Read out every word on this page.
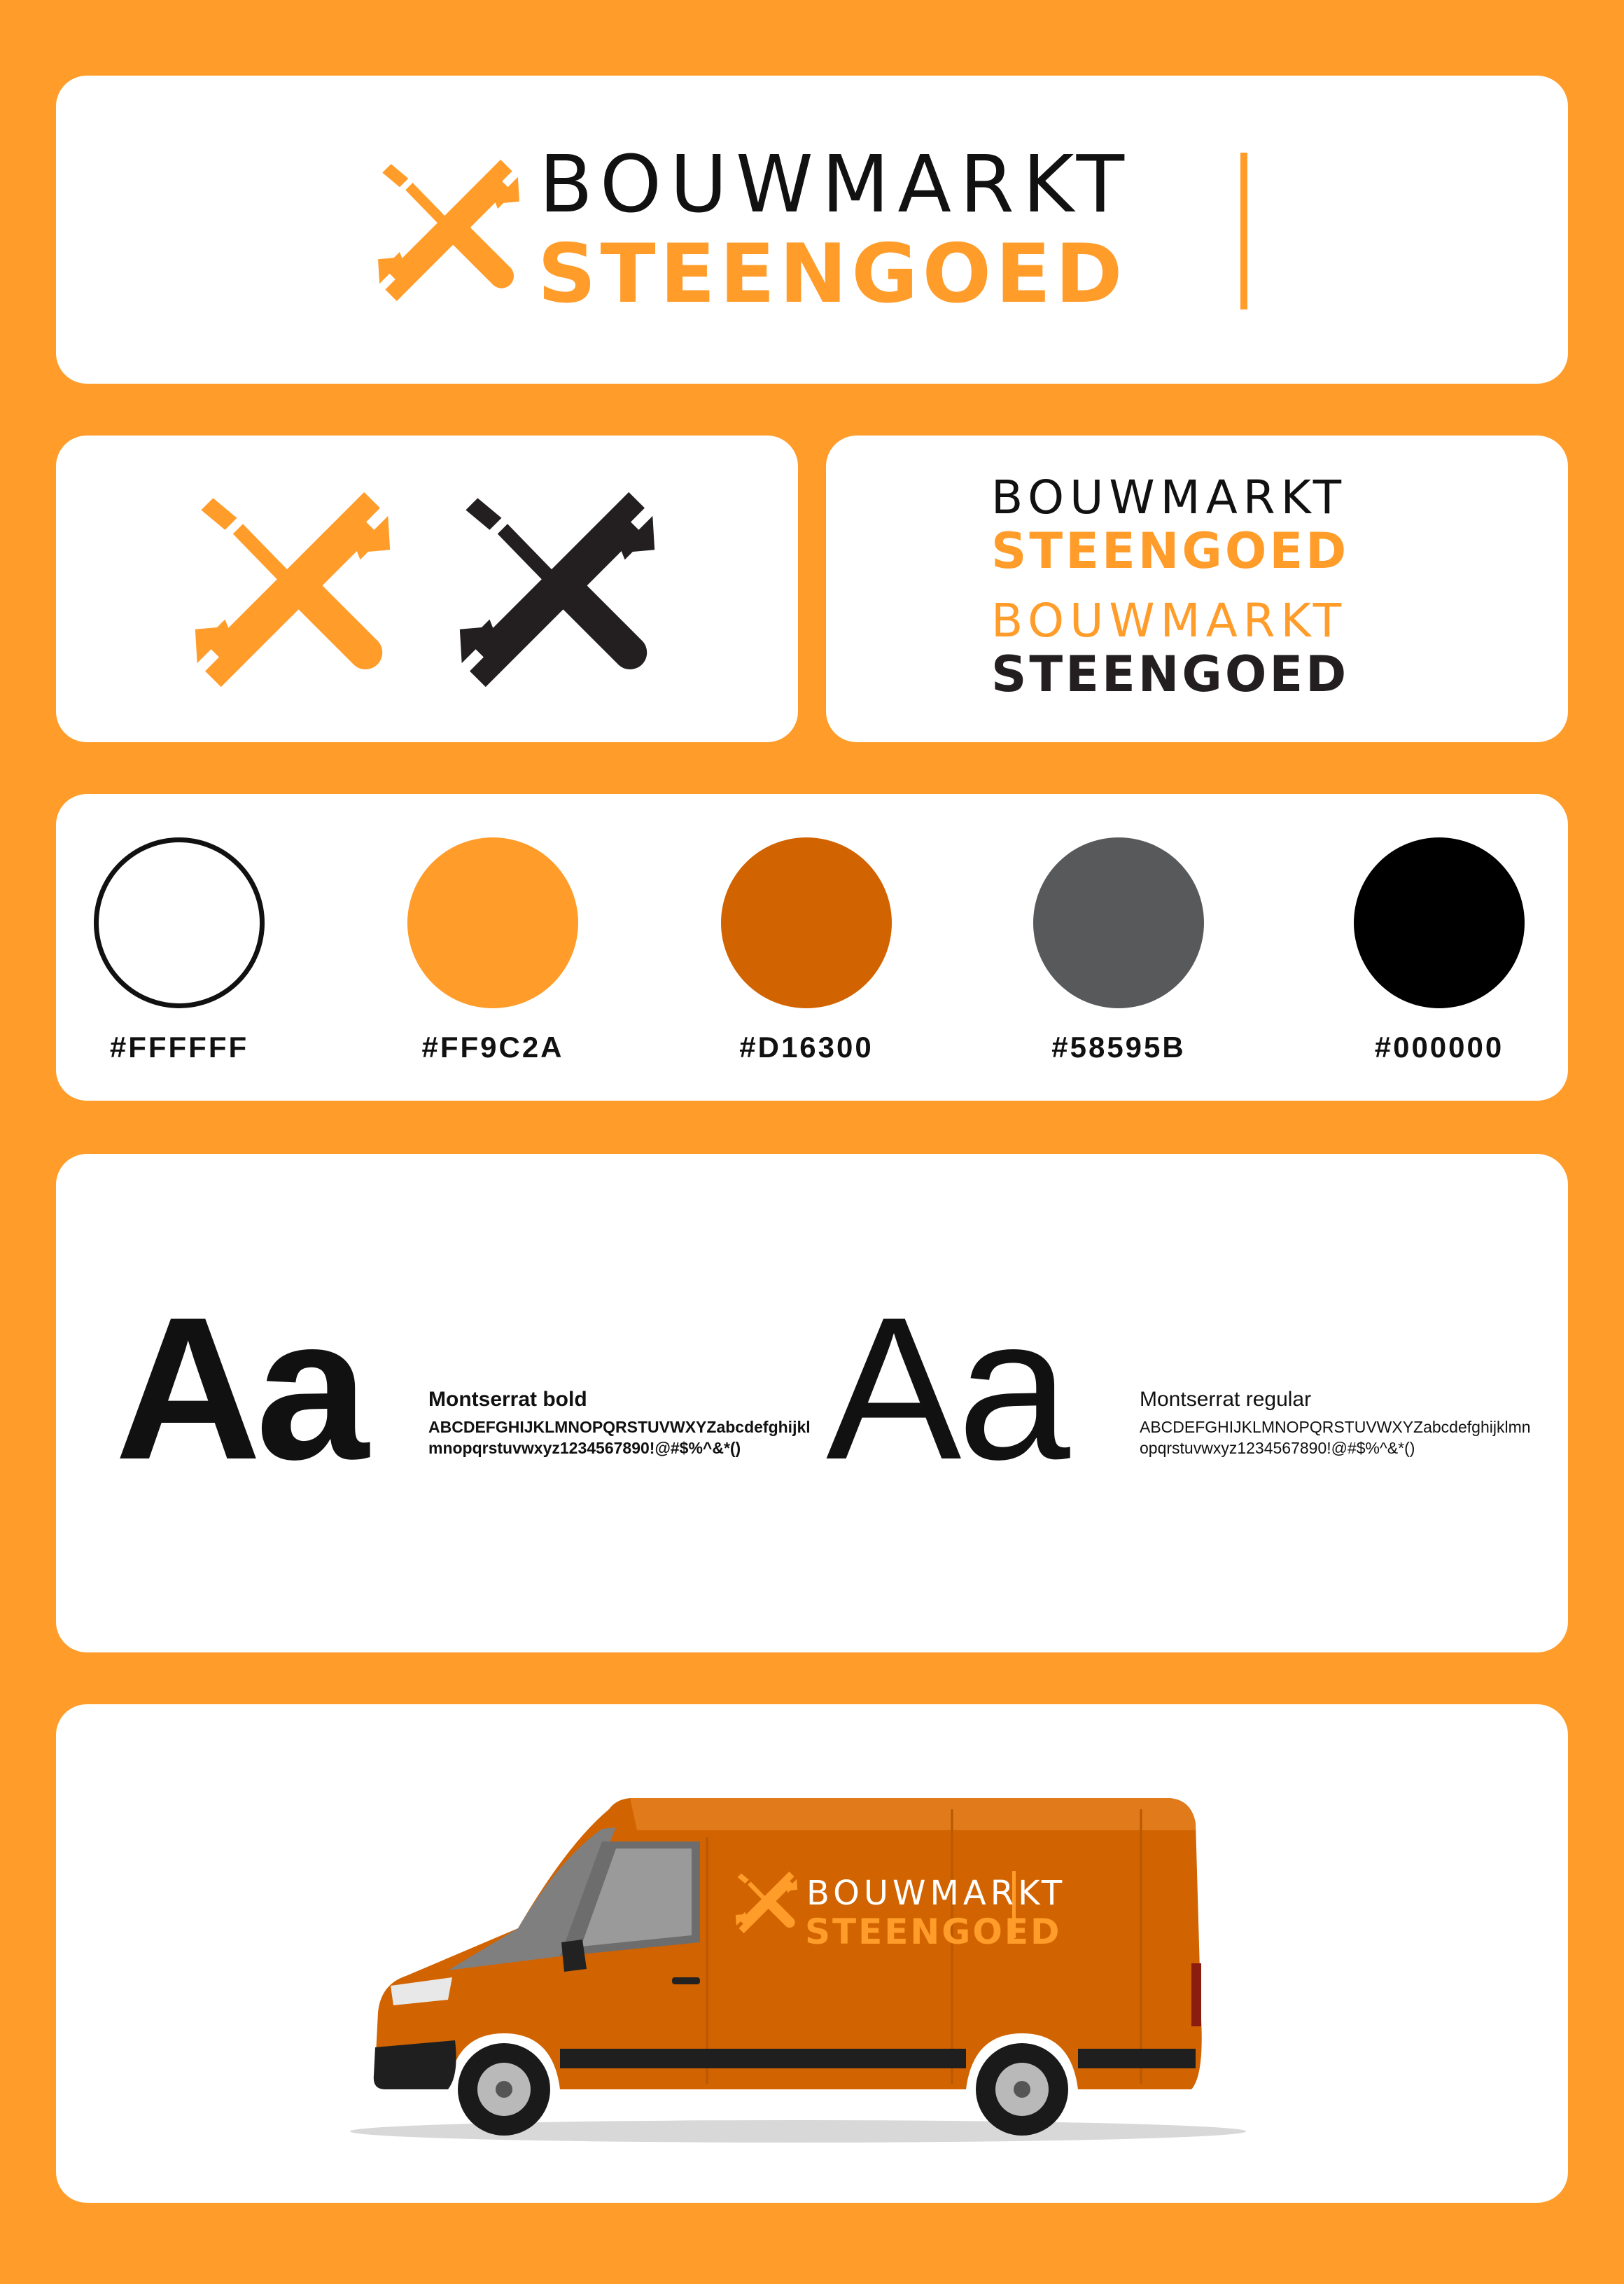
BOUWMARKT
STEENGOED
BOUWMARKT
STEENGOED
BOUWMARKT
STEENGOED
#FFFFFF	#FF9C2A	#D16300	#58595B	#000000
Aa	Montserrat bold
ABCDEFGHIJKLMNOPQRSTUVWXYZabcdefghijklmnopqrstuvwxyz1234567890!@#$%^&*() Aa	Montserrat regular
ABCDEFGHIJKLMNOPQRSTUVWXYZabcdefghijklmnopqrstuvwxyz1234567890!@#$%^&*()
BOUWMARKT
STEENGOED
